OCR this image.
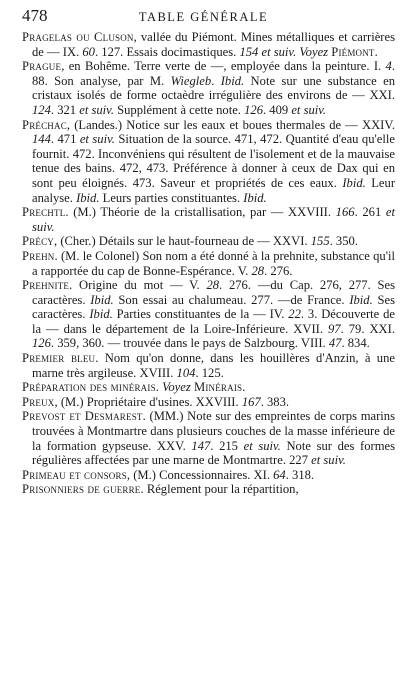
478	TABLE GÉNÉRALE

Pragelas ou Cluson, vallée du Piémont. Mines métalliques et carrières de — IX. 60. 127. Essais docimastiques. 154 et suiv. Voyez Piémont.

Prague, en Bohême. Terre verte de —, employée dans la peinture. I. 4. 88. Son analyse, par M. Wiegleb. Ibid. Note sur une substance en cristaux isolés de forme octaèdre irrégulière des environs de — XXI. 124. 321 et suiv. Supplément à cette note. 126. 409 et suiv.

Préchac, (Landes.) Notice sur les eaux et boues thermales de — XXIV. 144. 471 et suiv. Situation de la source. 471, 472. Quantité d'eau qu'elle fournit. 472. Inconvéniens qui résultent de l'isolement et de la mauvaise tenue des bains. 472, 473. Préférence à donner à ceux de Dax qui en sont peu éloignés. 473. Saveur et propriétés de ces eaux. Ibid. Leur analyse. Ibid. Leurs parties constituantes. Ibid.

Prechtl. (M.) Théorie de la cristallisation, par — XXVIII. 166. 261 et suiv.

Précy, (Cher.) Détails sur le haut-fourneau de — XXVI. 155. 350.

Prehn. (M. le Colonel) Son nom a été donné à la prehnite, substance qu'il a rapportée du cap de Bonne-Espérance. V. 28. 276.

Prehnite. Origine du mot — V. 28. 276. —du Cap. 276, 277. Ses caractères. Ibid. Son essai au chalumeau. 277. —de France. Ibid. Ses caractères. Ibid. Parties constituantes de la — IV. 22. 3. Découverte de la — dans le département de la Loire-Inférieure. XVII. 97. 79. XXI. 126. 359, 360. — trouvée dans le pays de Salzbourg. VIII. 47. 834.

Premier bleu. Nom qu'on donne, dans les houillères d'Anzin, à une marne très argileuse. XVIII. 104. 125.

Préparation des minérais. Voyez Minérais.

Preux, (M.) Propriétaire d'usines. XXVIII. 167. 383.

Prevost et Desmarest. (MM.) Note sur des empreintes de corps marins trouvées à Montmartre dans plusieurs couches de la masse inférieure de la formation gypseuse. XXV. 147. 215 et suiv. Note sur des formes régulières affectées par une marne de Montmartre. 227 et suiv.

Primeau et consors, (M.) Concessionnaires. XI. 64. 318.

Prisonniers de guerre. Réglement pour la répartition,
